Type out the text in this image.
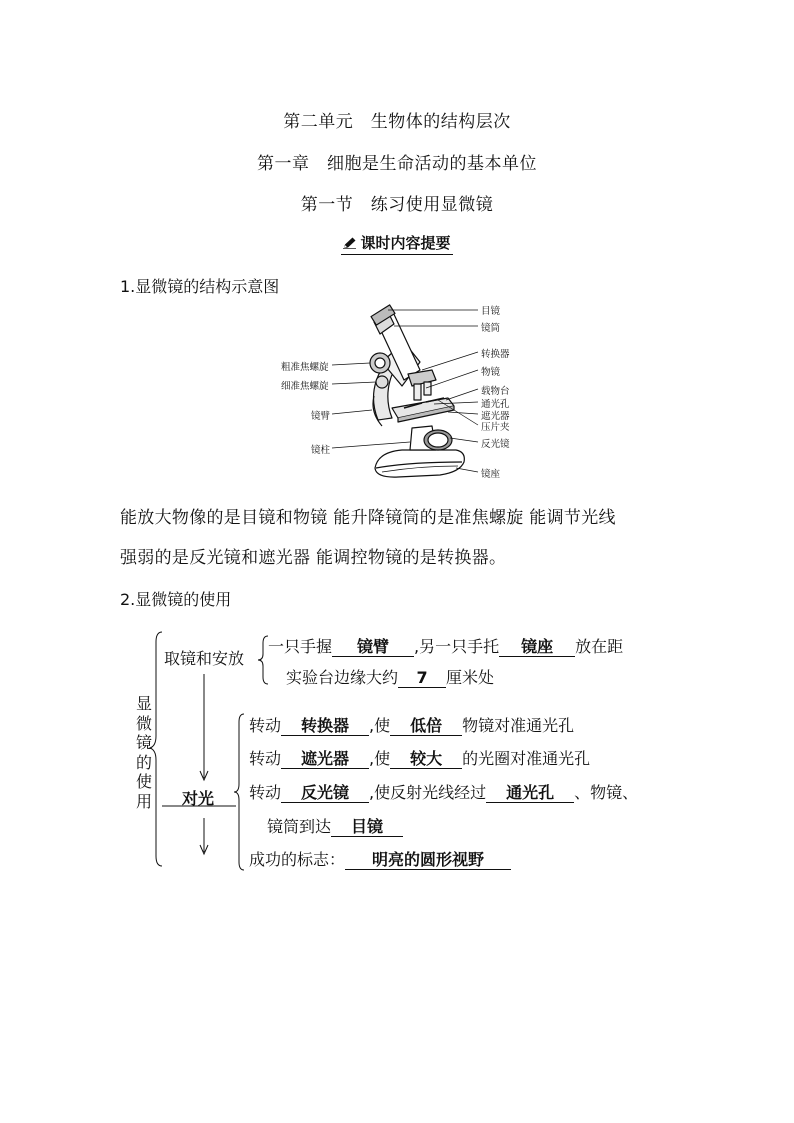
第二单元　生物体的结构层次
第一章　细胞是生命活动的基本单位
第一节　练习使用显微镜
课时内容提要
1.显微镜的结构示意图
目镜
镜筒
转换器
物镜
载物台
通光孔
遮光器
压片夹
反光镜
镜座
粗准焦螺旋
细准焦螺旋
镜臂
镜柱
能放大物像的是目镜和物镜 能升降镜筒的是准焦螺旋 能调节光线
强弱的是反光镜和遮光器 能调控物镜的是转换器。
2.显微镜的使用
显微镜的使用
取镜和安放
一只手握 镜臂 ,另一只手托 镜座 放在距
实验台边缘大约 7 厘米处
对光
转动 转换器 ,使 低倍 物镜对准通光孔
转动 遮光器 ,使 较大 的光圈对准通光孔
转动 反光镜 ,使反射光线经过 通光孔 、物镜、
镜筒到达 目镜
成功的标志： 明亮的圆形视野
